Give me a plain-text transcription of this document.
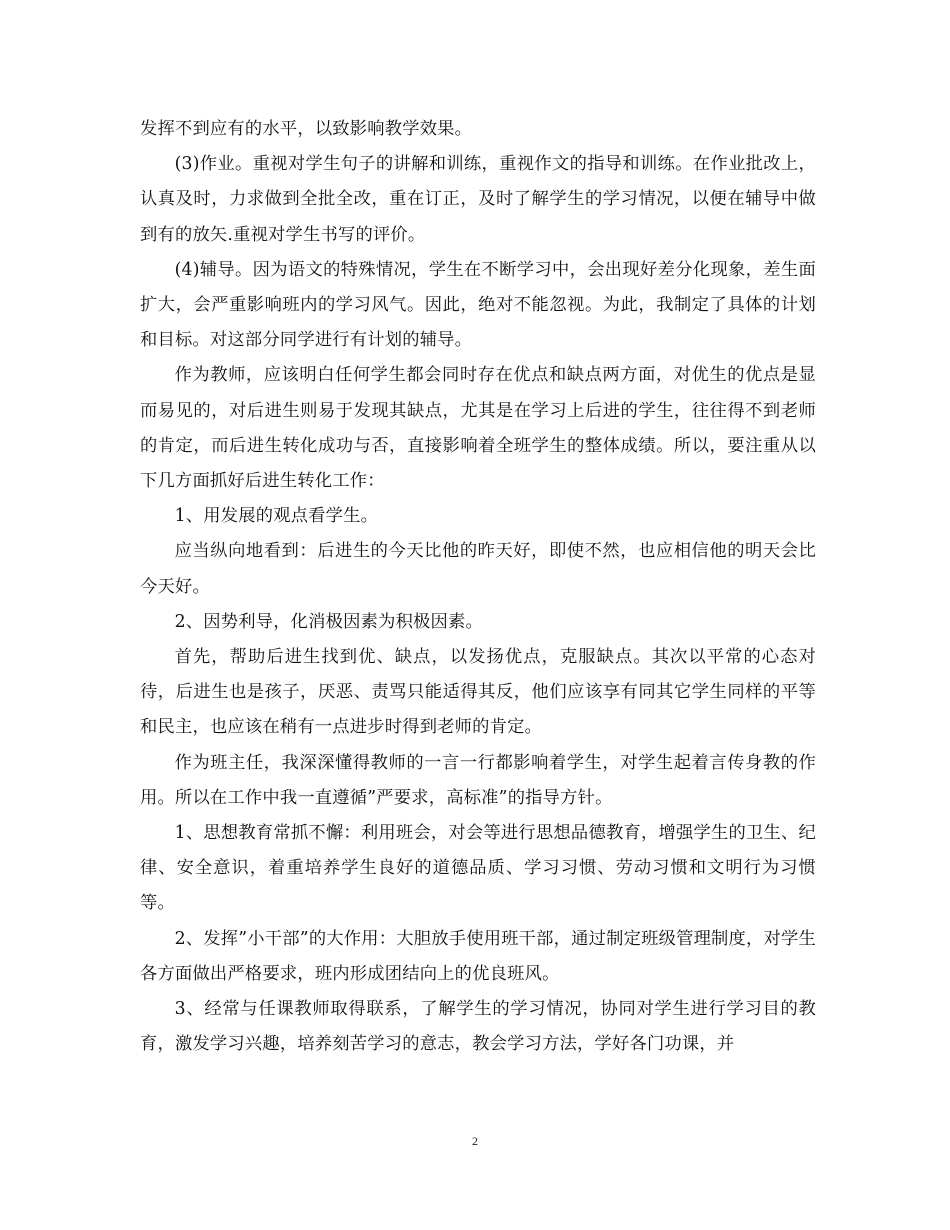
发挥不到应有的水平，以致影响教学效果。

(3)作业。重视对学生句子的讲解和训练，重视作文的指导和训练。在作业批改上，认真及时，力求做到全批全改，重在订正，及时了解学生的学习情况，以便在辅导中做到有的放矢.重视对学生书写的评价。

(4)辅导。因为语文的特殊情况，学生在不断学习中，会出现好差分化现象，差生面扩大，会严重影响班内的学习风气。因此，绝对不能忽视。为此，我制定了具体的计划和目标。对这部分同学进行有计划的辅导。

作为教师，应该明白任何学生都会同时存在优点和缺点两方面，对优生的优点是显而易见的，对后进生则易于发现其缺点，尤其是在学习上后进的学生，往往得不到老师的肯定，而后进生转化成功与否，直接影响着全班学生的整体成绩。所以，要注重从以下几方面抓好后进生转化工作：

1、用发展的观点看学生。

应当纵向地看到：后进生的今天比他的昨天好，即使不然，也应相信他的明天会比今天好。

2、因势利导，化消极因素为积极因素。

首先，帮助后进生找到优、缺点，以发扬优点，克服缺点。其次以平常的心态对待，后进生也是孩子，厌恶、责骂只能适得其反，他们应该享有同其它学生同样的平等和民主，也应该在稍有一点进步时得到老师的肯定。

作为班主任，我深深懂得教师的一言一行都影响着学生，对学生起着言传身教的作用。所以在工作中我一直遵循”严要求，高标准”的指导方针。

1、思想教育常抓不懈：利用班会，对会等进行思想品德教育，增强学生的卫生、纪律、安全意识，着重培养学生良好的道德品质、学习习惯、劳动习惯和文明行为习惯等。

2、发挥”小干部”的大作用：大胆放手使用班干部，通过制定班级管理制度，对学生各方面做出严格要求，班内形成团结向上的优良班风。

3、经常与任课教师取得联系，了解学生的学习情况，协同对学生进行学习目的教育，激发学习兴趣，培养刻苦学习的意志，教会学习方法，学好各门功课，并

2
